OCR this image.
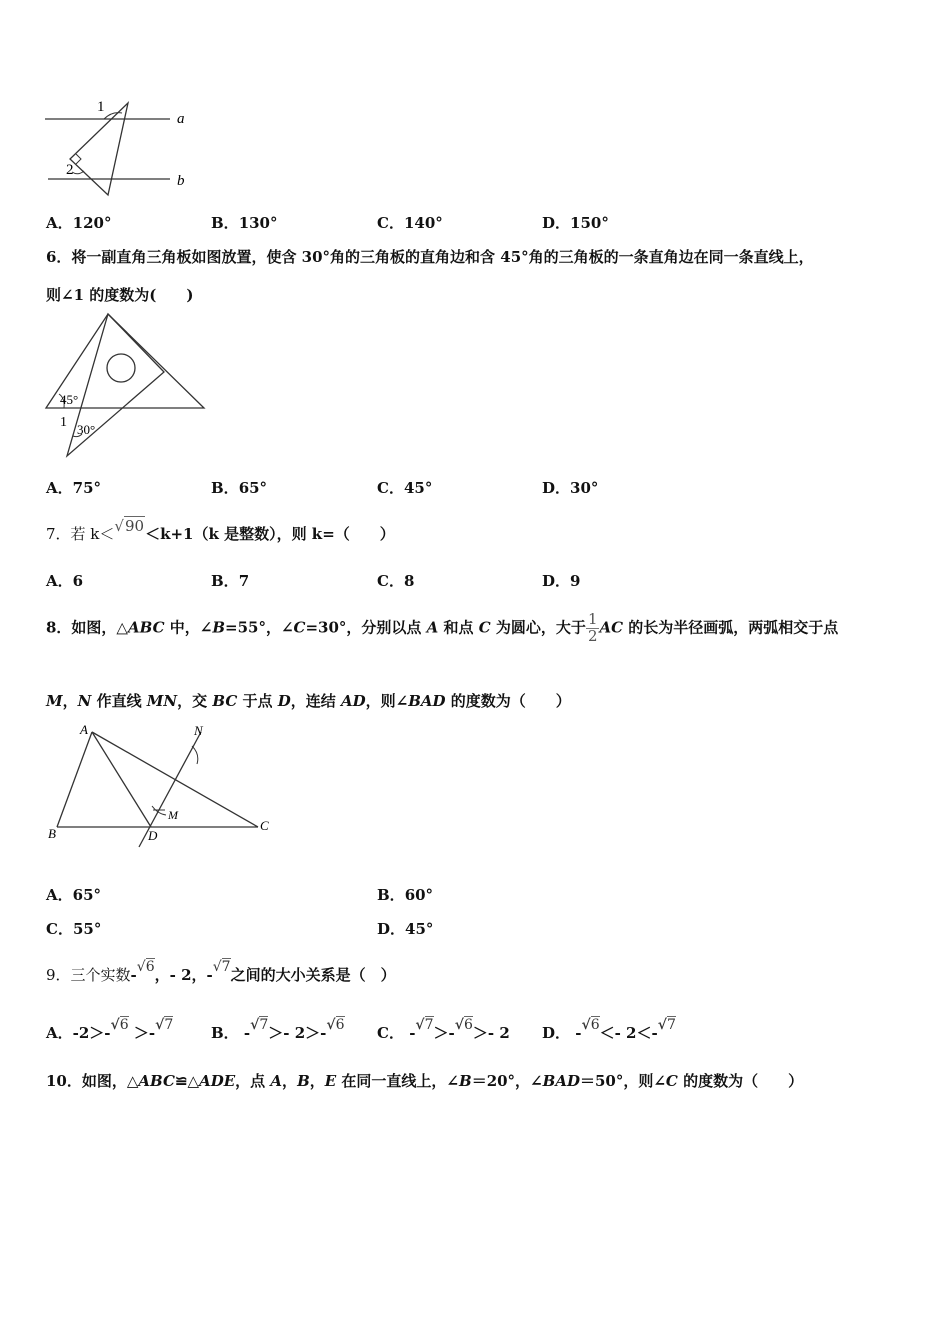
1
2
a
b
A．120°	B．130°	C．140°	D．150°
6．将一副直角三角板如图放置，使含 30°角的三角板的直角边和含 45°角的三角板的一条直角边在同一条直线上，
则∠1 的度数为(　　)
45°
1 30°
A．75°	B．65°	C．45°	D．30°
7．若 k＜√90＜k+1（k 是整数），则 k=（　　）
A．6	B．7	C．8	D．9
8．如图，△ABC 中，∠B=55°，∠C=30°，分别以点 A 和点 C 为圆心，大于 $\frac{1}{2}$ AC 的长为半径画弧，两弧相交于点
M，N 作直线 MN，交 BC 于点 D，连结 AD，则∠BAD 的度数为（　　）
A
B
C
D
M
N
A．65°	B．60°
C．55°	D．45°
9．三个实数-√6，- 2，-√7之间的大小关系是（　）
A．-2＞-√6 ＞-√7	B． -√7＞- 2＞-√6 C． -√7＞-√6＞- 2 D． -√6＜- 2＜-√7
10．如图，△ABC≌△ADE，点 A，B，E 在同一直线上，∠B＝20°，∠BAD＝50°，则∠C 的度数为（　　）
